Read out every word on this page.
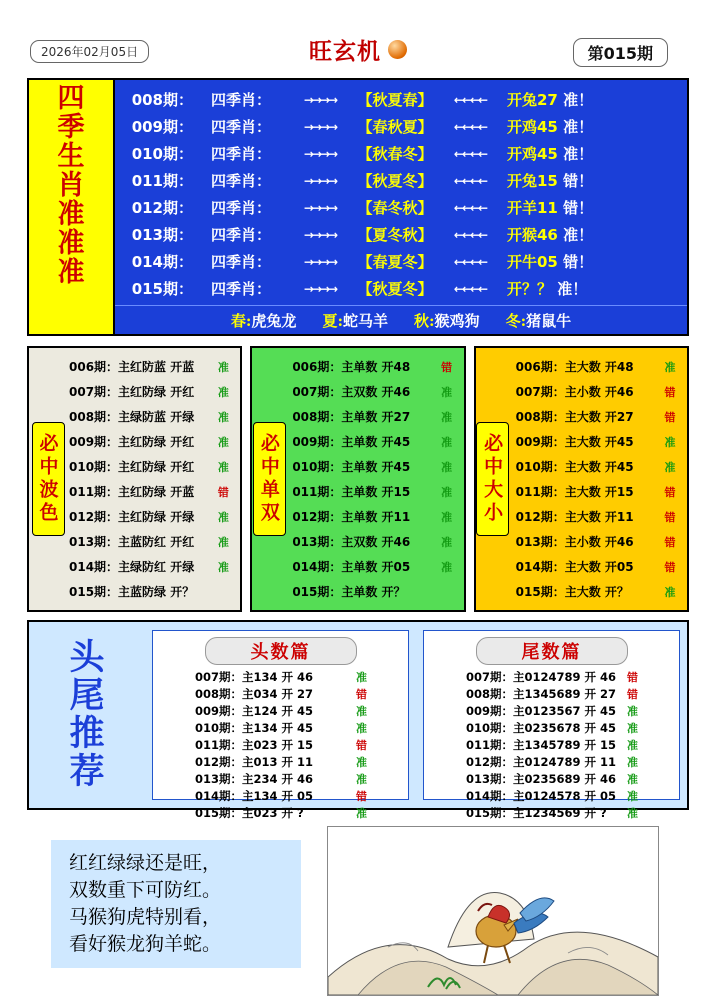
2026年02月05日	旺玄机	第015期
四
季
生
肖
准
准
准
008期：	四季肖：	→→→→	【秋夏春】	←←←←	开兔27 准！
009期：	四季肖：	→→→→	【春秋夏】	←←←←	开鸡45 准！
010期：	四季肖：	→→→→	【秋春冬】	←←←←	开鸡45 准！
011期：	四季肖：	→→→→	【秋夏冬】	←←←←	开兔15 错！
012期：	四季肖：	→→→→	【春冬秋】	←←←←	开羊11 错！
013期：	四季肖：	→→→→	【夏冬秋】	←←←←	开猴46 准！
014期：	四季肖：	→→→→	【春夏冬】	←←←←	开牛05 错！
015期：	四季肖：	→→→→	【秋夏冬】	←←←←	开？？ 准！
春:虎兔龙 夏:蛇马羊 秋:猴鸡狗 冬:猪鼠牛
必中波色
006期：主红防蓝 开蓝	准
007期：主红防绿 开红	准
008期：主绿防蓝 开绿	准
009期：主红防绿 开红	准
010期：主红防绿 开红	准
011期：主红防绿 开蓝	错
012期：主红防绿 开绿	准
013期：主蓝防红 开红	准
014期：主绿防红 开绿	准
015期：主蓝防绿 开？
必中单双
006期：主单数 开48	错
007期：主双数 开46	准
008期：主单数 开27	准
009期：主单数 开45	准
010期：主单数 开45	准
011期：主单数 开15	准
012期：主单数 开11	准
013期：主双数 开46	准
014期：主单数 开05	准
015期：主单数 开？
必中大小
006期：主大数 开48	准
007期：主小数 开46	错
008期：主大数 开27	错
009期：主大数 开45	准
010期：主大数 开45	准
011期：主大数 开15	错
012期：主大数 开11	错
013期：主小数 开46	错
014期：主大数 开05	错
015期：主大数 开？	准
头
尾
推
荐
头数篇
007期：主134 开 46	准
008期：主034 开 27	错
009期：主124 开 45	准
010期：主134 开 45	准
011期：主023 开 15	错
012期：主013 开 11	准
013期：主234 开 46	准
014期：主134 开 05	错
015期：主023 开 ?	准
尾数篇
007期：主0124789 开 46 错
008期：主1345689 开 27 错
009期：主0123567 开 45 准
010期：主0235678 开 45 准
011期：主1345789 开 15 准
012期：主0124789 开 11 准
013期：主0235689 开 46 准
014期：主0124578 开 05 准
015期：主1234569 开 ?	准
红红绿绿还是旺，
双数重下可防红。
马猴狗虎特别看，
看好猴龙狗羊蛇。
